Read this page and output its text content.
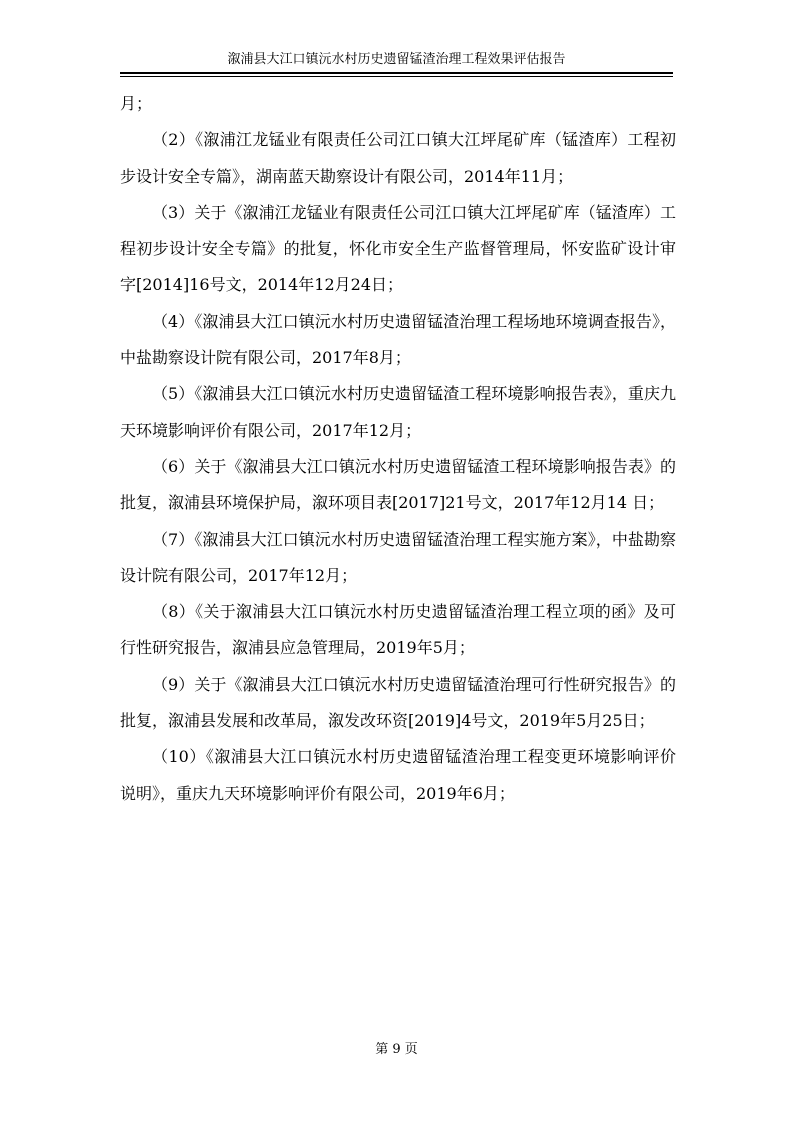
溆浦县大江口镇沅水村历史遗留锰渣治理工程效果评估报告

月；

（2）《溆浦江龙锰业有限责任公司江口镇大江坪尾矿库（锰渣库）工程初步设计安全专篇》，湖南蓝天勘察设计有限公司，2014年11月；

（3）关于《溆浦江龙锰业有限责任公司江口镇大江坪尾矿库（锰渣库）工程初步设计安全专篇》的批复，怀化市安全生产监督管理局，怀安监矿设计审字[2014]16号文，2014年12月24日；

（4）《溆浦县大江口镇沅水村历史遗留锰渣治理工程场地环境调查报告》，中盐勘察设计院有限公司，2017年8月；

（5）《溆浦县大江口镇沅水村历史遗留锰渣工程环境影响报告表》，重庆九天环境影响评价有限公司，2017年12月；

（6）关于《溆浦县大江口镇沅水村历史遗留锰渣工程环境影响报告表》的批复，溆浦县环境保护局，溆环项目表[2017]21号文，2017年12月14 日；

（7）《溆浦县大江口镇沅水村历史遗留锰渣治理工程实施方案》，中盐勘察设计院有限公司，2017年12月；

（8）《关于溆浦县大江口镇沅水村历史遗留锰渣治理工程立项的函》及可行性研究报告，溆浦县应急管理局，2019年5月；

（9）关于《溆浦县大江口镇沅水村历史遗留锰渣治理可行性研究报告》的批复，溆浦县发展和改革局，溆发改环资[2019]4号文，2019年5月25日；

（10）《溆浦县大江口镇沅水村历史遗留锰渣治理工程变更环境影响评价说明》，重庆九天环境影响评价有限公司，2019年6月；

第 9 页
